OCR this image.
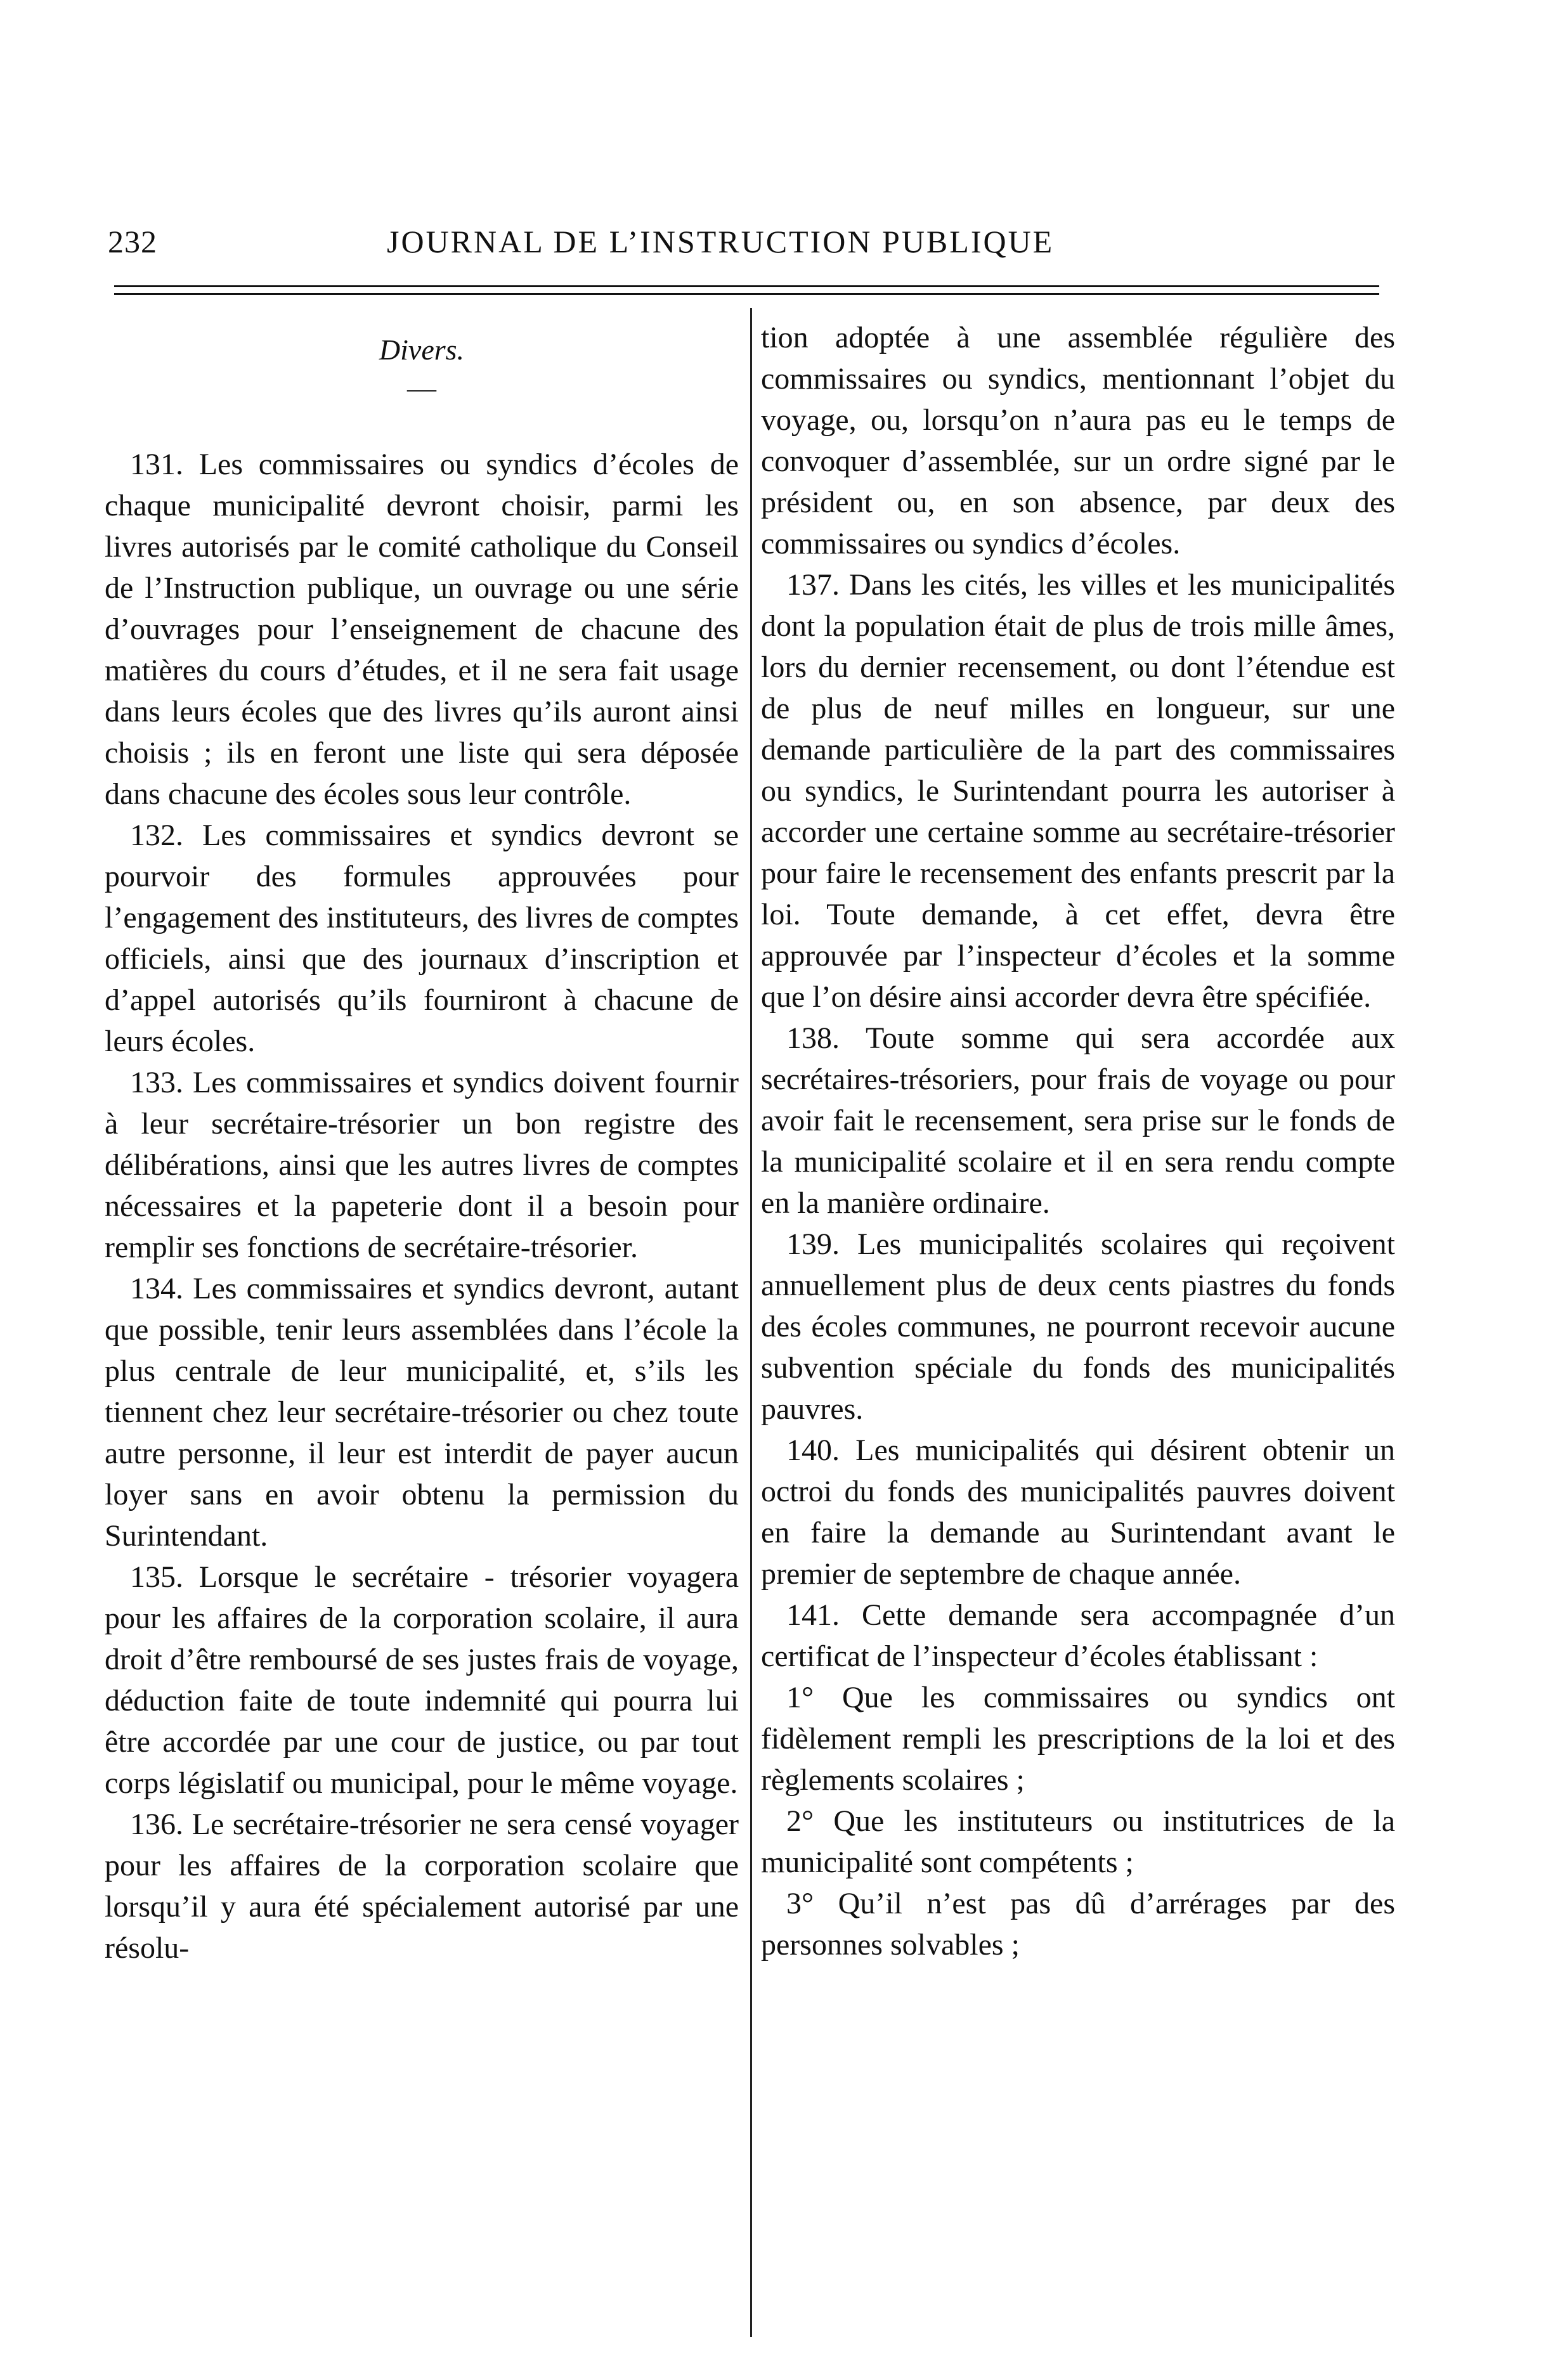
232	JOURNAL DE L’INSTRUCTION PUBLIQUE
Divers.
—

131. Les commissaires ou syndics d’écoles de chaque municipalité devront choisir, parmi les livres autorisés par le comité catholique du Conseil de l’Instruction publique, un ouvrage ou une série d’ouvrages pour l’enseignement de chacune des matières du cours d’études, et il ne sera fait usage dans leurs écoles que des livres qu’ils auront ainsi choisis ; ils en feront une liste qui sera déposée dans chacune des écoles sous leur contrôle.

132. Les commissaires et syndics devront se pourvoir des formules approuvées pour l’engagement des instituteurs, des livres de comptes officiels, ainsi que des journaux d’inscription et d’appel autorisés qu’ils fourniront à chacune de leurs écoles.

133. Les commissaires et syndics doivent fournir à leur secrétaire-trésorier un bon registre des délibérations, ainsi que les autres livres de comptes nécessaires et la papeterie dont il a besoin pour remplir ses fonctions de secrétaire-trésorier.

134. Les commissaires et syndics devront, autant que possible, tenir leurs assemblées dans l’école la plus centrale de leur municipalité, et, s’ils les tiennent chez leur secrétaire-trésorier ou chez toute autre personne, il leur est interdit de payer aucun loyer sans en avoir obtenu la permission du Surintendant.

135. Lorsque le secrétaire - trésorier voyagera pour les affaires de la corporation scolaire, il aura droit d’être remboursé de ses justes frais de voyage, déduction faite de toute indemnité qui pourra lui être accordée par une cour de justice, ou par tout corps législatif ou municipal, pour le même voyage.

136. Le secrétaire-trésorier ne sera censé voyager pour les affaires de la corporation scolaire que lorsqu’il y aura été spécialement autorisé par une résolu-

tion adoptée à une assemblée régulière des commissaires ou syndics, mentionnant l’objet du voyage, ou, lorsqu’on n’aura pas eu le temps de convoquer d’assemblée, sur un ordre signé par le président ou, en son absence, par deux des commissaires ou syndics d’écoles.

137. Dans les cités, les villes et les municipalités dont la population était de plus de trois mille âmes, lors du dernier recensement, ou dont l’étendue est de plus de neuf milles en longueur, sur une demande particulière de la part des commissaires ou syndics, le Surintendant pourra les autoriser à accorder une certaine somme au secrétaire-trésorier pour faire le recensement des enfants prescrit par la loi. Toute demande, à cet effet, devra être approuvée par l’inspecteur d’écoles et la somme que l’on désire ainsi accorder devra être spécifiée.

138. Toute somme qui sera accordée aux secrétaires-trésoriers, pour frais de voyage ou pour avoir fait le recensement, sera prise sur le fonds de la municipalité scolaire et il en sera rendu compte en la manière ordinaire.

139. Les municipalités scolaires qui reçoivent annuellement plus de deux cents piastres du fonds des écoles communes, ne pourront recevoir aucune subvention spéciale du fonds des municipalités pauvres.

140. Les municipalités qui désirent obtenir un octroi du fonds des municipalités pauvres doivent en faire la demande au Surintendant avant le premier de septembre de chaque année.

141. Cette demande sera accompagnée d’un certificat de l’inspecteur d’écoles établissant :

1° Que les commissaires ou syndics ont fidèlement rempli les prescriptions de la loi et des règlements scolaires ;

2° Que les instituteurs ou institutrices de la municipalité sont compétents ;

3° Qu’il n’est pas dû d’arrérages par des personnes solvables ;
